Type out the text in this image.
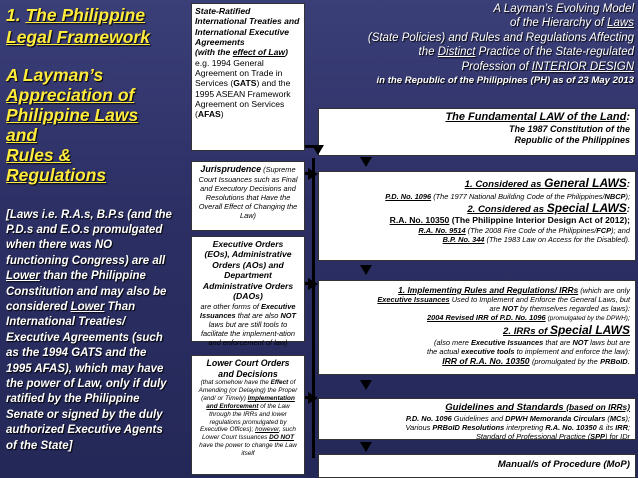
1. The Philippine
Legal Framework
A Layman’s
Appreciation of
Philippine Laws and
Rules & Regulations
[Laws i.e. R.A.s, B.P.s (and the P.D.s and E.O.s promulgated when there was NO functioning Congress) are all Lower than the Philippine Constitution and may also be considered Lower Than International Treaties/ Executive Agreements (such as the 1994 GATS and the 1995 AFAS), which may have the power of Law, only if duly ratified by the Philippine Senate or signed by the duly authorized Executive Agents of the State]
A Layman’s Evolving Model
of the Hierarchy of Laws
(State Policies) and Rules and Regulations Affecting
the Distinct Practice of the State-regulated
Profession of INTERIOR DESIGN
in the Republic of the Philippines (PH) as of 23 May 2013
State-Ratified International Treaties and International Executive Agreements
(with the effect of Law)
e.g. 1994 General Agreement on Trade in Services (GATS) and the 1995 ASEAN Framework Agreement on Services (AFAS)
Jurisprudence (Supreme Court Issuances such as Final and Executory Decisions and Resolutions that Have the Overall Effect of Changing the Law)
Executive Orders
(EOs), Administrative Orders (AOs) and Department Administrative Orders (DAOs)
are other forms of Executive Issuances that are also NOT laws but are still tools to facilitate the implement-ation and enforcement of law)
Lower Court Orders
and Decisions
(that somehow have the Effect of Amending (or Delaying) the Proper (and/ or Timely) Implementation and Enforcement of the Law through the IRRs and lower regulations promulgated by Executive Offices); however, such Lower Court Issuances DO NOT have the power to change the Law itself
The Fundamental LAW of the Land:
The 1987 Constitution of the
Republic of the Philippines
1. Considered as General LAWS:
P.D. No. 1096 (The 1977 National Building Code of the Philippines/NBCP);
2. Considered as Special LAWS:
R.A. No. 10350 (The Philippine Interior Design Act of 2012);
R.A. No. 9514 (The 2008 Fire Code of the Philippines/FCP); and
B.P. No. 344 (The 1983 Law on Access for the Disabled).
1. Implementing Rules and Regulations/ IRRs (which are only
Executive Issuances Used to Implement and Enforce the General Laws, but
are NOT by themselves regarded as laws):
2004 Revised IRR of P.D. No. 1096 (promulgated by the DPWH);
2. IRRs of Special LAWS
(also mere Executive Issuances that are NOT laws but are
the actual executive tools to implement and enforce the law):
IRR of R.A. No. 10350 (promulgated by the PRBoID.
Guidelines and Standards (based on IRRs)
P.D. No. 1096 Guidelines and DPWH Memoranda Circulars (MCs);
Various PRBoID Resolutions interpreting R.A. No. 10350 & its IRR;
Standard of Professional Practice (SPP) for IDr
Manual/s of Procedure (MoP)
